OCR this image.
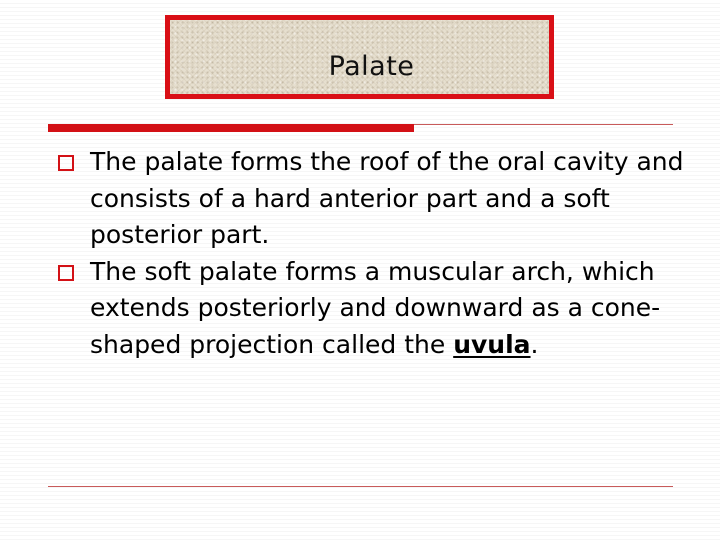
Palate
The palate forms the roof of the oral cavity and consists of a hard anterior part and a soft posterior part.
The soft palate forms a muscular arch, which extends posteriorly and downward as a cone-shaped projection called the uvula.
